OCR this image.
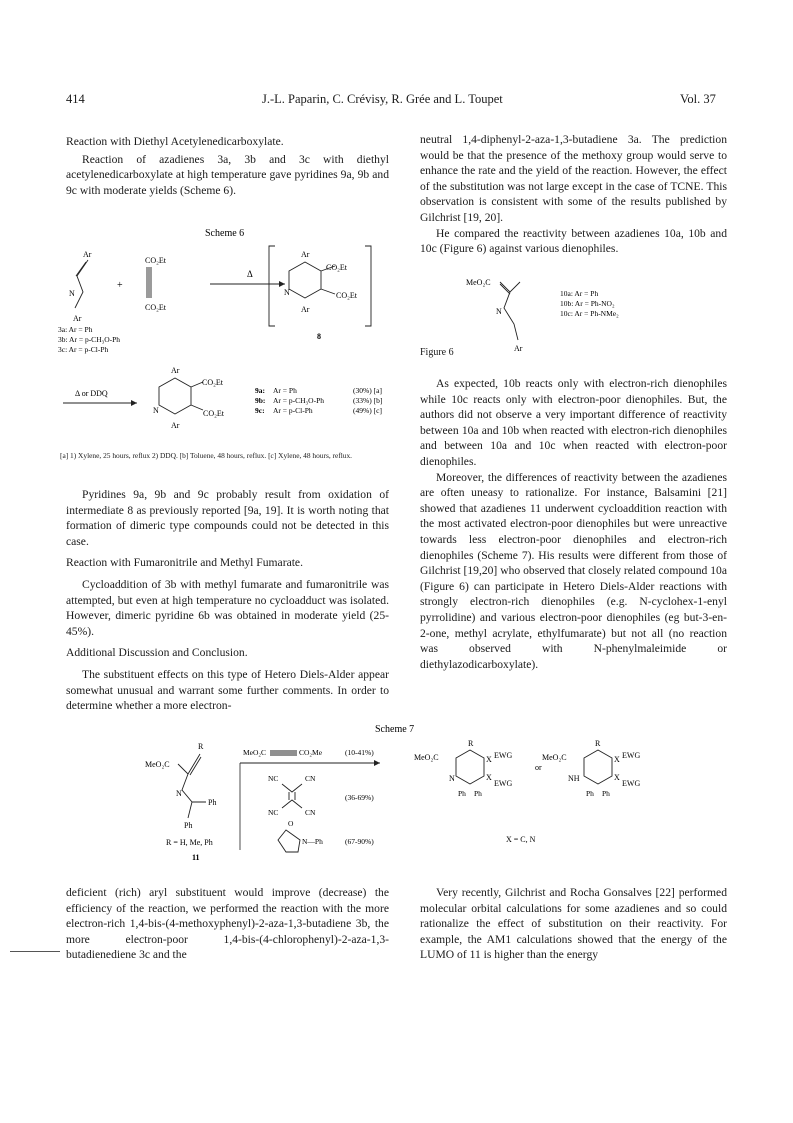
414	J.-L. Paparin, C. Crévisy, R. Grée and L. Toupet	Vol. 37

Reaction with Diethyl Acetylenedicarboxylate.

Reaction of azadienes 3a, 3b and 3c with diethyl acetylenedicarboxylate at high temperature gave pyridines 9a, 9b and 9c with moderate yields (Scheme 6).

Scheme 6
Ar
N
Ar
+
CO₂Et
CO₂Et
Δ
Ar
CO₂Et
CO₂Et
N
Ar
8
3a: Ar = Ph
3b: Ar = p-CH₃O-Ph
3c: Ar = p-Cl-Ph
Δ or DDQ
Ar
CO₂Et
CO₂Et
N
Ar
9a: Ar = Ph	(30%) [a]
9b: Ar = p-CH₃O-Ph	(33%) [b]
9c: Ar = p-Cl-Ph	(49%) [c]
[a] 1) Xylene, 25 hours, reflux 2) DDQ. [b] Toluene, 48 hours, reflux. [c] Xylene, 48 hours, reflux.

Pyridines 9a, 9b and 9c probably result from oxidation of intermediate 8 as previously reported [9a, 19]. It is worth noting that formation of dimeric type compounds could not be detected in this case.

Reaction with Fumaronitrile and Methyl Fumarate.

Cycloaddition of 3b with methyl fumarate and fumaronitrile was attempted, but even at high temperature no cycloadduct was isolated. However, dimeric pyridine 6b was obtained in moderate yield (25-45%).

Additional Discussion and Conclusion.

The substituent effects on this type of Hetero Diels-Alder appear somewhat unusual and warrant some further comments. In order to determine whether a more electron-

neutral 1,4-diphenyl-2-aza-1,3-butadiene 3a. The prediction would be that the presence of the methoxy group would serve to enhance the rate and the yield of the reaction. However, the effect of the substitution was not large except in the case of TCNE. This observation is consistent with some of the results published by Gilchrist [19, 20].

He compared the reactivity between azadienes 10a, 10b and 10c (Figure 6) against various dienophiles.

MeO₂C
N
Ar
10a: Ar = Ph
10b: Ar = Ph-NO₂
10c: Ar = Ph-NMe₂
Figure 6

As expected, 10b reacts only with electron-rich dienophiles while 10c reacts only with electron-poor dienophiles. But, the authors did not observe a very important difference of reactivity between 10a and 10b when reacted with electron-rich dienophiles and between 10a and 10c when reacted with electron-poor dienophiles.

Moreover, the differences of reactivity between the azadienes are often uneasy to rationalize. For instance, Balsamini [21] showed that azadienes 11 underwent cycloaddition reaction with the most activated electron-poor dienophiles but were unreactive towards less electron-poor dienophiles and electron-rich dienophiles (Scheme 7). His results were different from those of Gilchrist [19,20] who observed that closely related compound 10a (Figure 6) can participate in Hetero Diels-Alder reactions with strongly electron-rich dienophiles (e.g. N-cyclohex-1-enyl pyrrolidine) and various electron-poor dienophiles (eg but-3-en-2-one, methyl acrylate, ethylfumarate) but not all (no reaction was observed with N-phenylmaleimide or diethylazodicarboxylate).

Scheme 7
R
MeO₂C
N
Ph
Ph
R = H, Me, Ph
11
MeO₂C	CO₂Me	(10-41%)
NC	CN
NC	CN
(36-69%)
O
N—Ph	(67-90%)
R
MeO₂C	X
X
EWG
EWG
N
Ph Ph
or
R
MeO₂C	X
X
EWG
EWG
NH
Ph Ph
X = C, N

deficient (rich) aryl substituent would improve (decrease) the efficiency of the reaction, we performed the reaction with the more electron-rich 1,4-bis-(4-methoxyphenyl)-2-aza-1,3-butadiene 3b, the more electron-poor 1,4-bis-(4-chlorophenyl)-2-aza-1,3-butadienediene 3c and the

Very recently, Gilchrist and Rocha Gonsalves [22] performed molecular orbital calculations for some azadienes and so could rationalize the effect of substitution on their reactivity. For example, the AM1 calculations showed that the energy of the LUMO of 11 is higher than the energy
